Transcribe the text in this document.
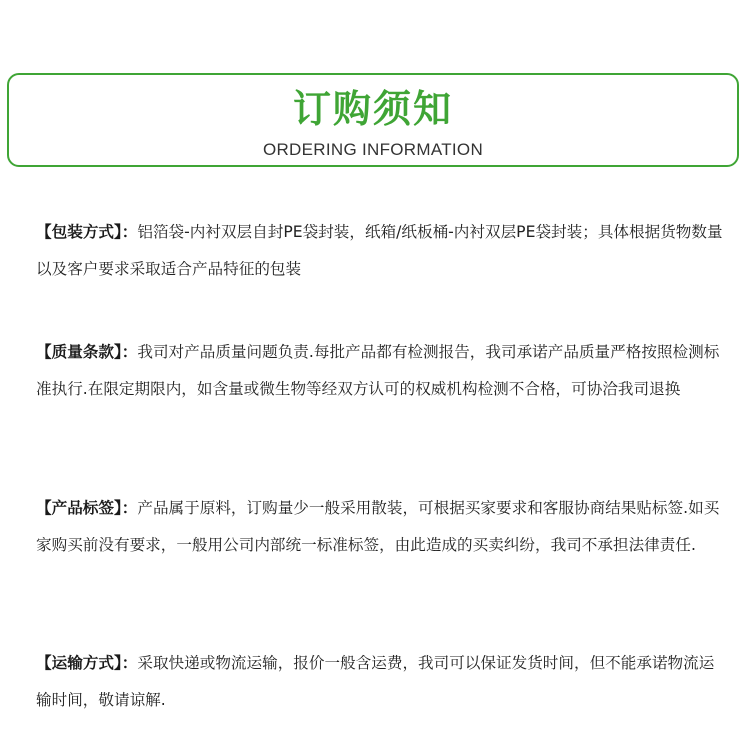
订购须知
ORDERING INFORMATION
【包装方式】：铝箔袋-内衬双层自封PE袋封装，纸箱/纸板桶-内衬双层PE袋封装；具体根据货物数量以及客户要求采取适合产品特征的包装
【质量条款】：我司对产品质量问题负责.每批产品都有检测报告，我司承诺产品质量严格按照检测标准执行.在限定期限内，如含量或微生物等经双方认可的权威机构检测不合格，可协洽我司退换
【产品标签】：产品属于原料，订购量少一般采用散装，可根据买家要求和客服协商结果贴标签.如买家购买前没有要求，一般用公司内部统一标准标签，由此造成的买卖纠纷，我司不承担法律责任.
【运输方式】：采取快递或物流运输，报价一般含运费，我司可以保证发货时间，但不能承诺物流运输时间，敬请谅解.
